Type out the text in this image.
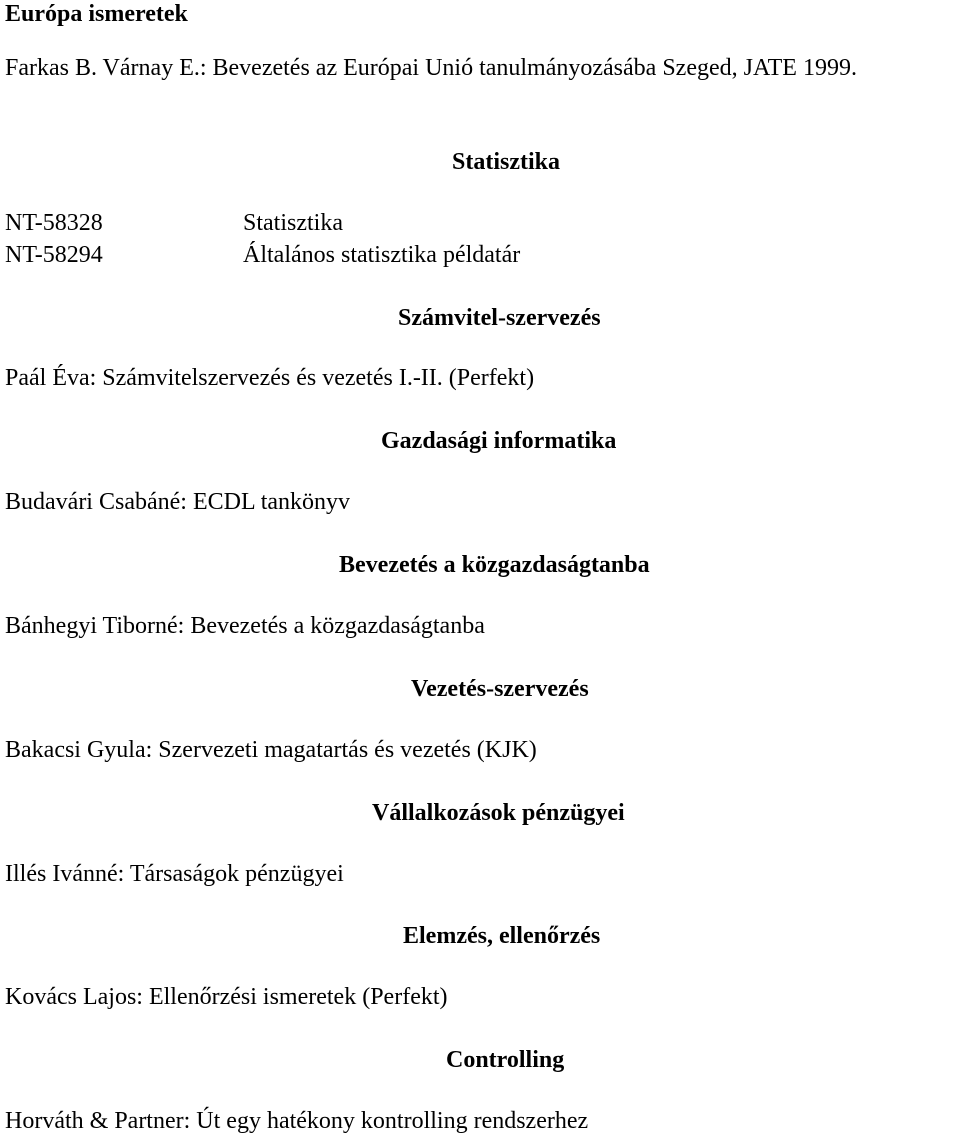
Európa ismeretek
Farkas B. Várnay E.: Bevezetés az Európai Unió tanulmányozásába Szeged, JATE 1999.
Statisztika
NT-58328	Statisztika
NT-58294	Általános statisztika példatár
Számvitel-szervezés
Paál Éva: Számvitelszervezés és vezetés I.-II. (Perfekt)
Gazdasági informatika
Budavári Csabáné: ECDL tankönyv
Bevezetés a közgazdaságtanba
Bánhegyi Tiborné: Bevezetés a közgazdaságtanba
Vezetés-szervezés
Bakacsi Gyula: Szervezeti magatartás és vezetés (KJK)
Vállalkozások pénzügyei
Illés Ivánné: Társaságok pénzügyei
Elemzés, ellenőrzés
Kovács Lajos: Ellenőrzési ismeretek (Perfekt)
Controlling
Horváth & Partner: Út egy hatékony kontrolling rendszerhez
